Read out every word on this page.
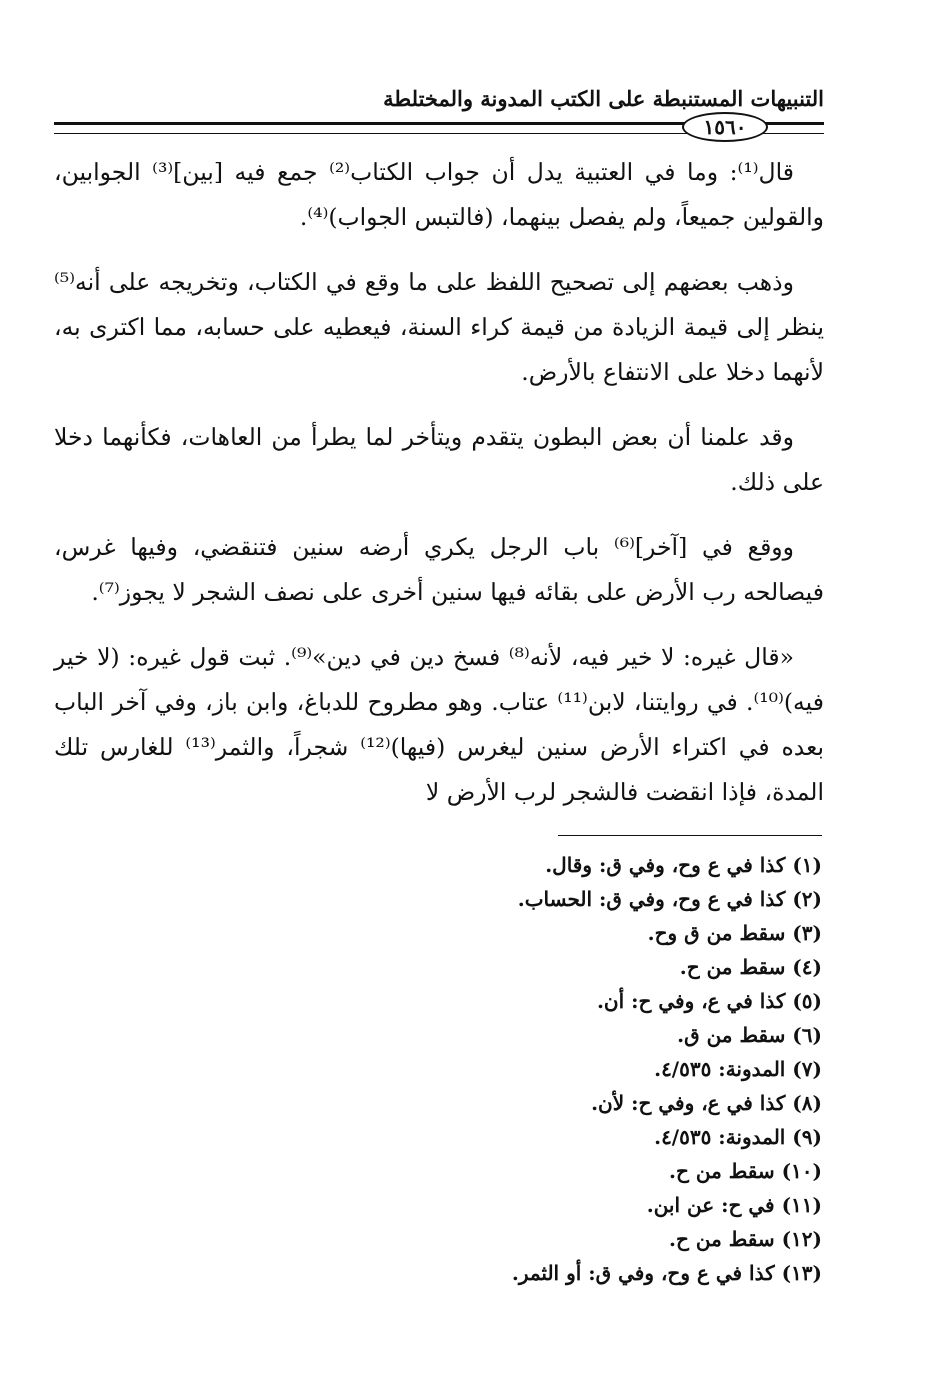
التنبيهات المستنبطة على الكتب المدونة والمختلطة
١٥٦٠

قال⁽¹⁾: وما في العتبية يدل أن جواب الكتاب⁽²⁾ جمع فيه [بين]⁽³⁾ الجوابين، والقولين جميعاً، ولم يفصل بينهما، (فالتبس الجواب)⁽⁴⁾.

وذهب بعضهم إلى تصحيح اللفظ على ما وقع في الكتاب، وتخريجه على أنه⁽⁵⁾ ينظر إلى قيمة الزيادة من قيمة كراء السنة، فيعطيه على حسابه، مما اكترى به، لأنهما دخلا على الانتفاع بالأرض.

وقد علمنا أن بعض البطون يتقدم ويتأخر لما يطرأ من العاهات، فكأنهما دخلا على ذلك.

ووقع في [آخر]⁽⁶⁾ باب الرجل يكري أرضه سنين فتنقضي، وفيها غرس، فيصالحه رب الأرض على بقائه فيها سنين أخرى على نصف الشجر لا يجوز⁽⁷⁾.

«قال غيره: لا خير فيه، لأنه⁽⁸⁾ فسخ دين في دين»⁽⁹⁾. ثبت قول غيره: (لا خير فيه)⁽¹⁰⁾. في روايتنا، لابن⁽¹¹⁾ عتاب. وهو مطروح للدباغ، وابن باز، وفي آخر الباب بعده في اكتراء الأرض سنين ليغرس (فيها)⁽¹²⁾ شجراً، والثمر⁽¹³⁾ للغارس تلك المدة، فإذا انقضت فالشجر لرب الأرض لا

(١) كذا في ع وح، وفي ق: وقال.
(٢) كذا في ع وح، وفي ق: الحساب.
(٣) سقط من ق وح.
(٤) سقط من ح.
(٥) كذا في ع، وفي ح: أن.
(٦) سقط من ق.
(٧) المدونة: ٤/٥٣٥.
(٨) كذا في ع، وفي ح: لأن.
(٩) المدونة: ٤/٥٣٥.
(١٠) سقط من ح.
(١١) في ح: عن ابن.
(١٢) سقط من ح.
(١٣) كذا في ع وح، وفي ق: أو الثمر.
